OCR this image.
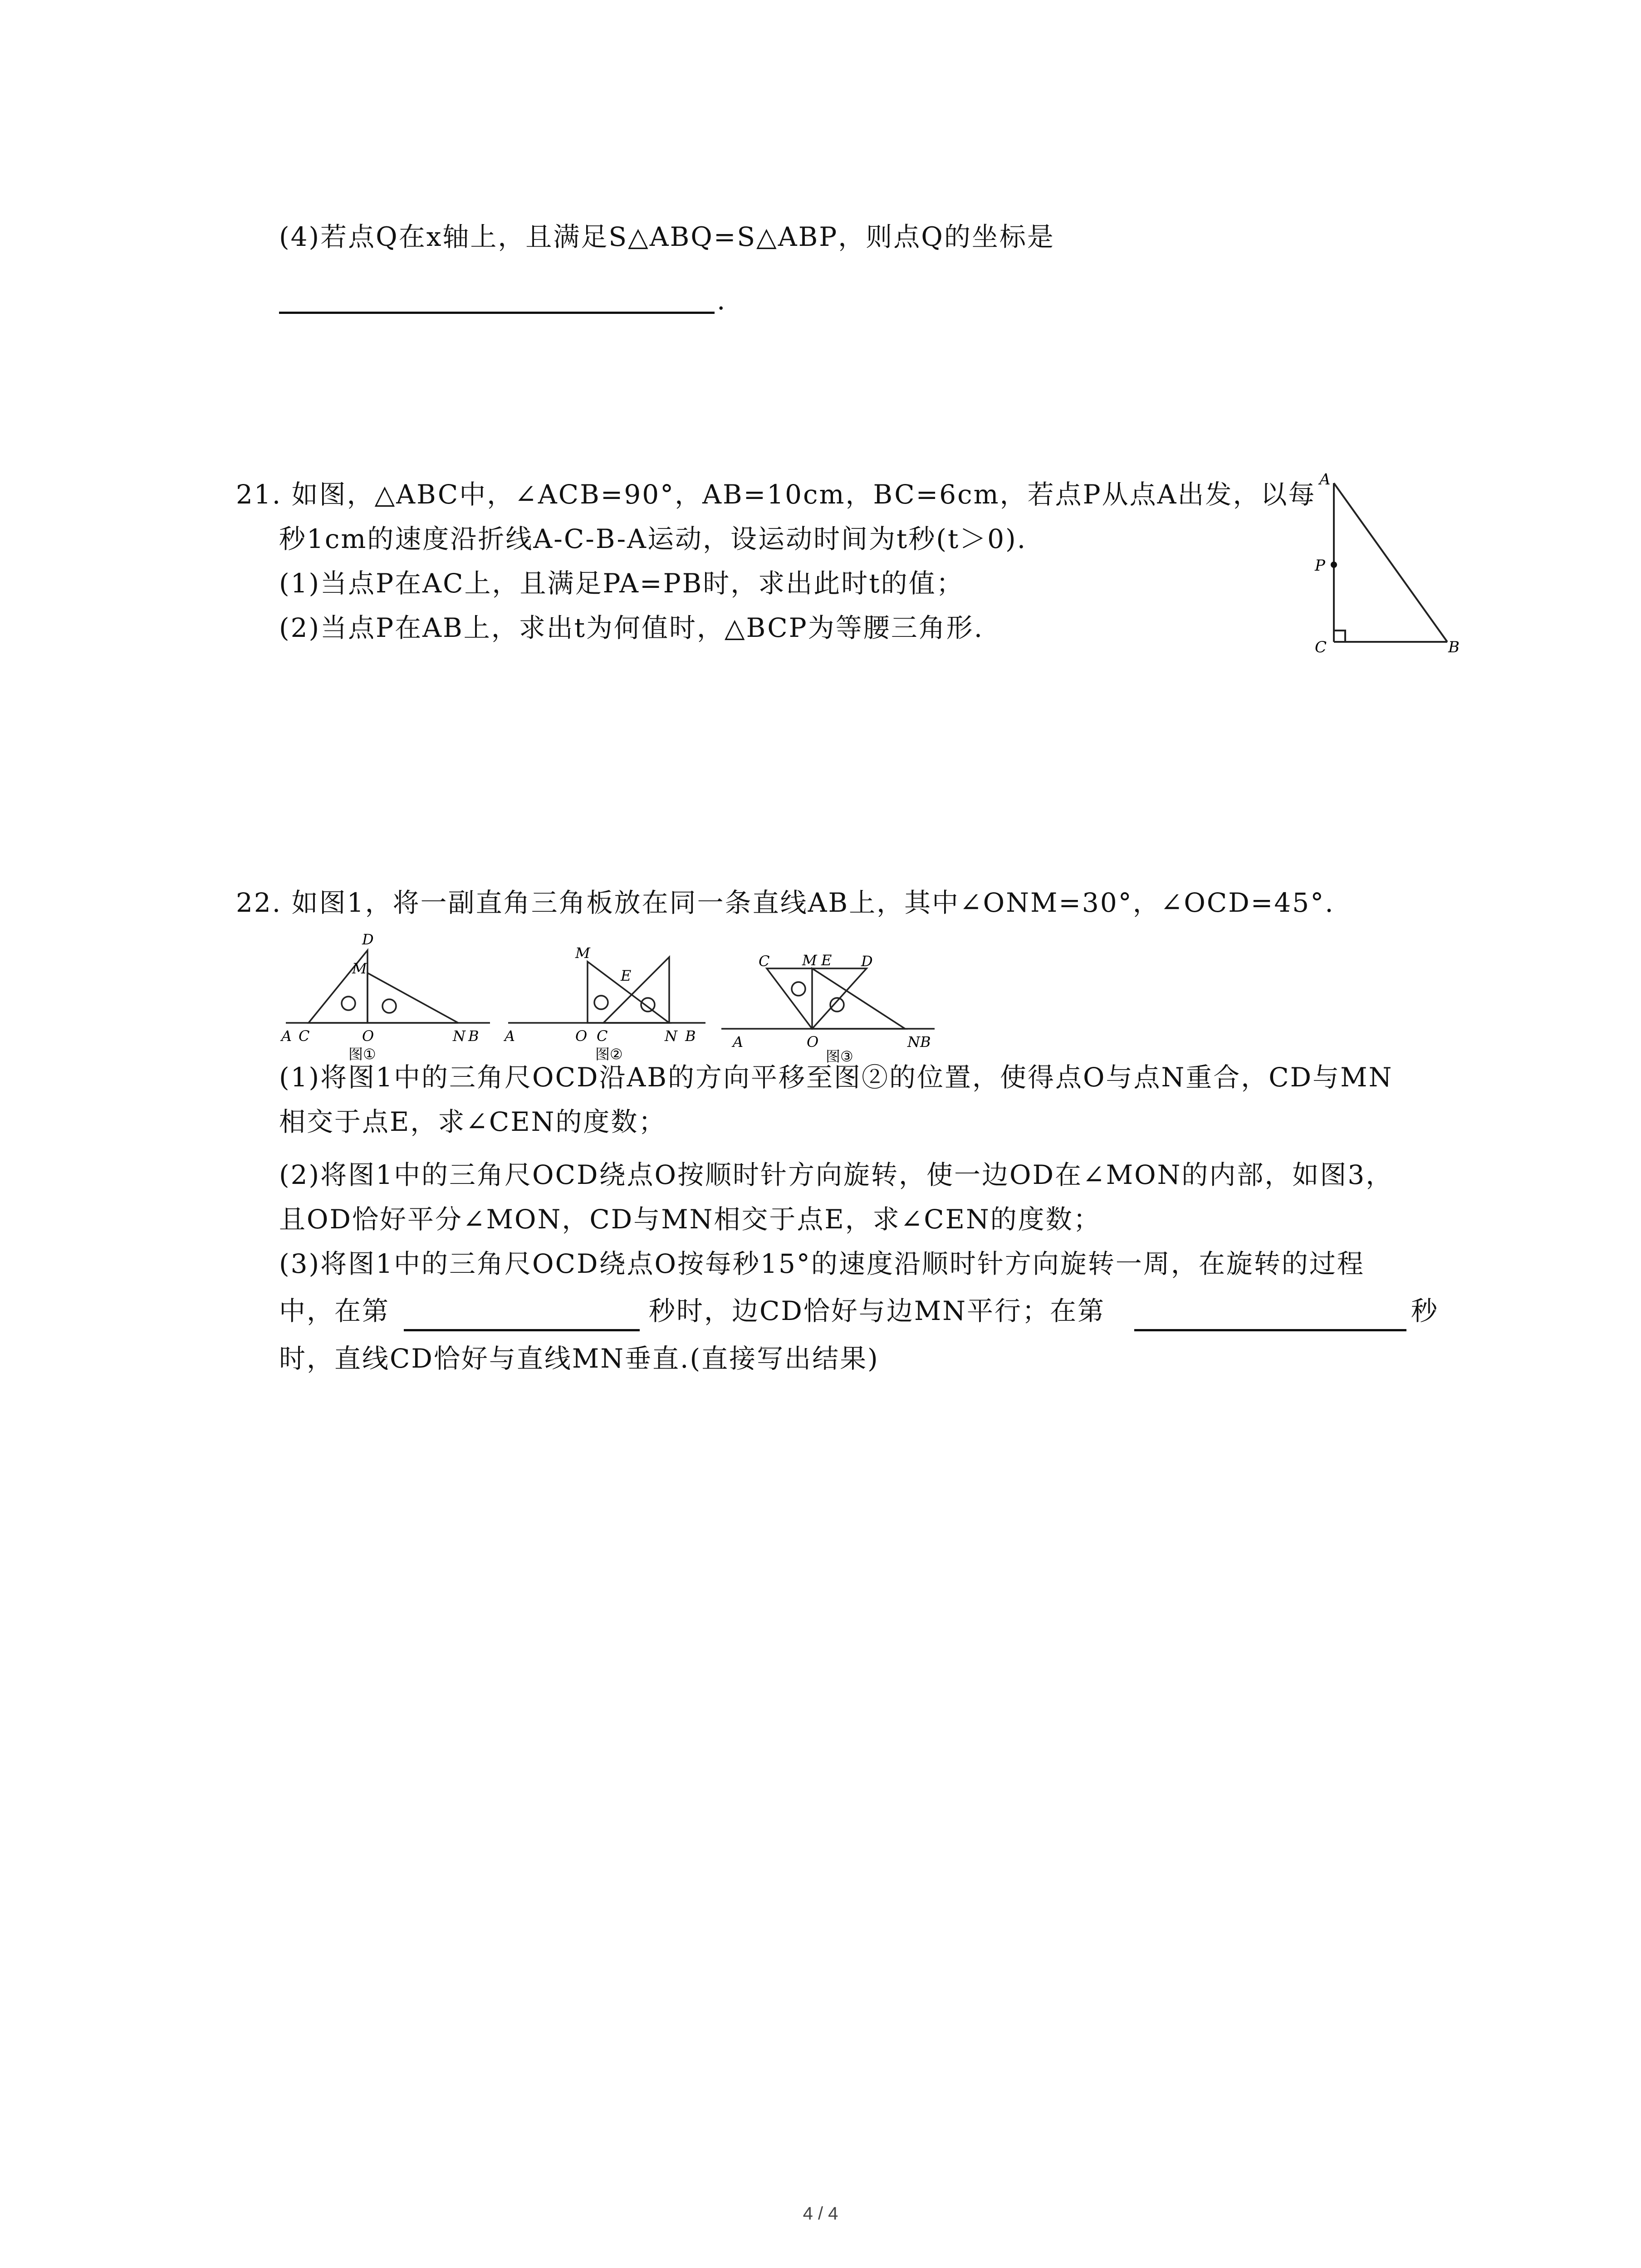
(4)若点Q在x轴上，且满足S△ABQ=S△ABP，则点Q的坐标是
.
21. 如图，△ABC中，∠ACB=90°，AB=10cm，BC=6cm，若点P从点A出发，以每
秒1cm的速度沿折线A-C-B-A运动，设运动时间为t秒(t＞0).
(1)当点P在AC上，且满足PA=PB时，求出此时t的值；
(2)当点P在AB上，求出t为何值时，△BCP为等腰三角形.
A
P
C	B
22. 如图1，将一副直角三角板放在同一条直线AB上，其中∠ONM=30°，∠OCD=45°.
D
M
A C	O	N B
图①
M
E
A	O C	N B
图②
C M E D
A	O	NB
图③
(1)将图1中的三角尺OCD沿AB的方向平移至图②的位置，使得点O与点N重合，CD与MN
相交于点E，求∠CEN的度数；
(2)将图1中的三角尺OCD绕点O按顺时针方向旋转，使一边OD在∠MON的内部，如图3，
且OD恰好平分∠MON，CD与MN相交于点E，求∠CEN的度数；
(3)将图1中的三角尺OCD绕点O按每秒15°的速度沿顺时针方向旋转一周，在旋转的过程
中，在第	秒时，边CD恰好与边MN平行；在第	秒
时，直线CD恰好与直线MN垂直.(直接写出结果)
4 / 4
